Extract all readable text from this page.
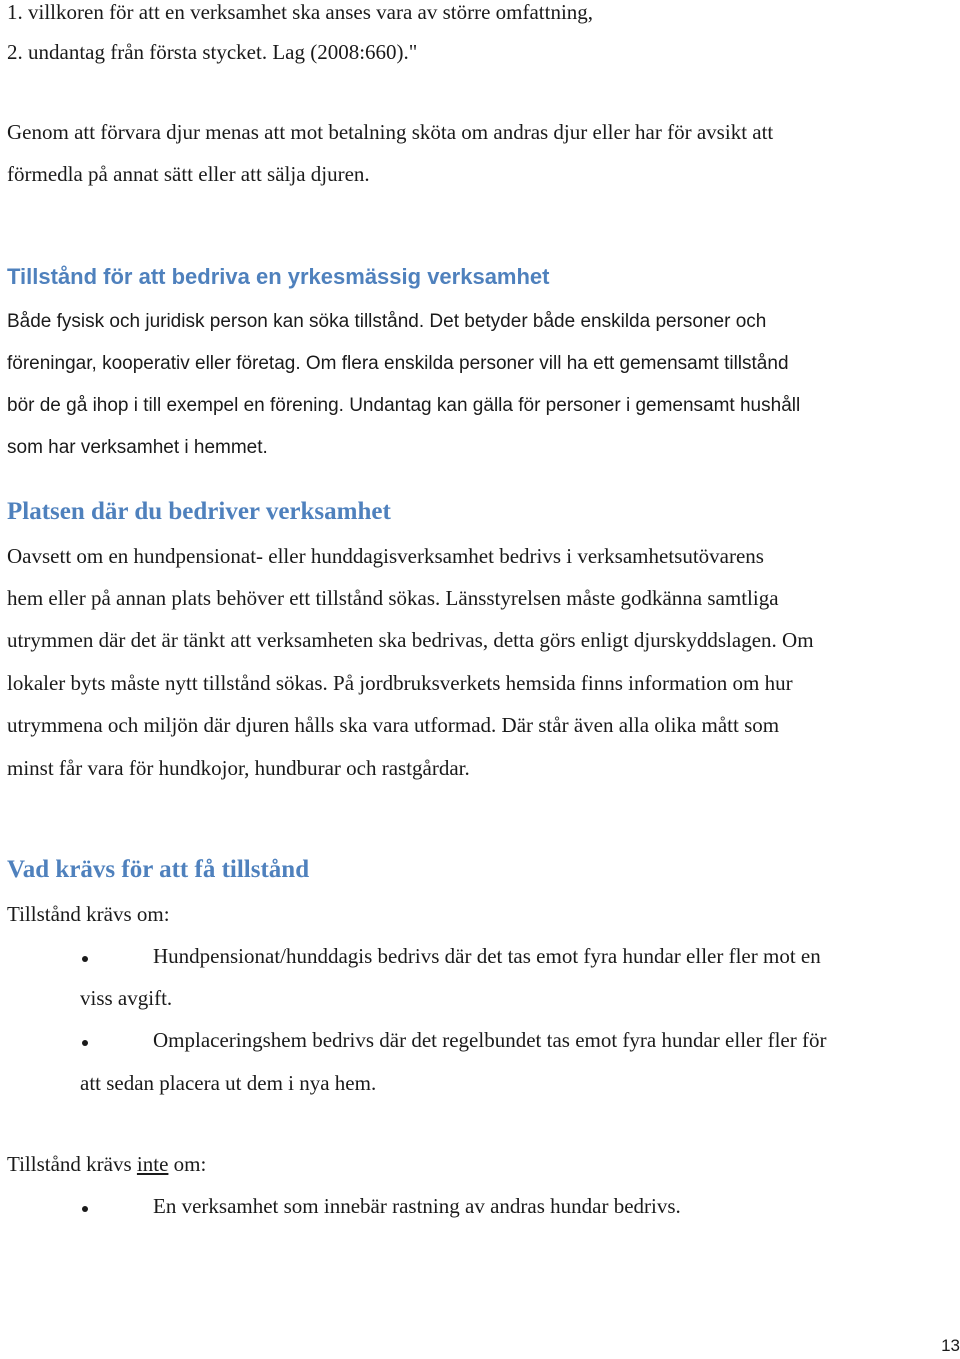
1. villkoren för att en verksamhet ska anses vara av större omfattning,
2. undantag från första stycket. Lag (2008:660)."
Genom att förvara djur menas att mot betalning sköta om andras djur eller har för avsikt att
förmedla på annat sätt eller att sälja djuren.
Tillstånd för att bedriva en yrkesmässig verksamhet
Både fysisk och juridisk person kan söka tillstånd. Det betyder både enskilda personer och
föreningar, kooperativ eller företag. Om flera enskilda personer vill ha ett gemensamt tillstånd
bör de gå ihop i till exempel en förening. Undantag kan gälla för personer i gemensamt hushåll
som har verksamhet i hemmet.
Platsen där du bedriver verksamhet
Oavsett om en hundpensionat- eller hunddagisverksamhet bedrivs i verksamhetsutövarens
hem eller på annan plats behöver ett tillstånd sökas. Länsstyrelsen måste godkänna samtliga
utrymmen där det är tänkt att verksamheten ska bedrivas, detta görs enligt djurskyddslagen. Om
lokaler byts måste nytt tillstånd sökas. På jordbruksverkets hemsida finns information om hur
utrymmena och miljön där djuren hålls ska vara utformad. Där står även alla olika mått som
minst får vara för hundkojor, hundburar och rastgårdar.
Vad krävs för att få tillstånd
Tillstånd krävs om:
Hundpensionat/hunddagis bedrivs där det tas emot fyra hundar eller fler mot en
viss avgift.
Omplaceringshem bedrivs där det regelbundet tas emot fyra hundar eller fler för
att sedan placera ut dem i nya hem.
Tillstånd krävs inte om:
En verksamhet som innebär rastning av andras hundar bedrivs.
13
